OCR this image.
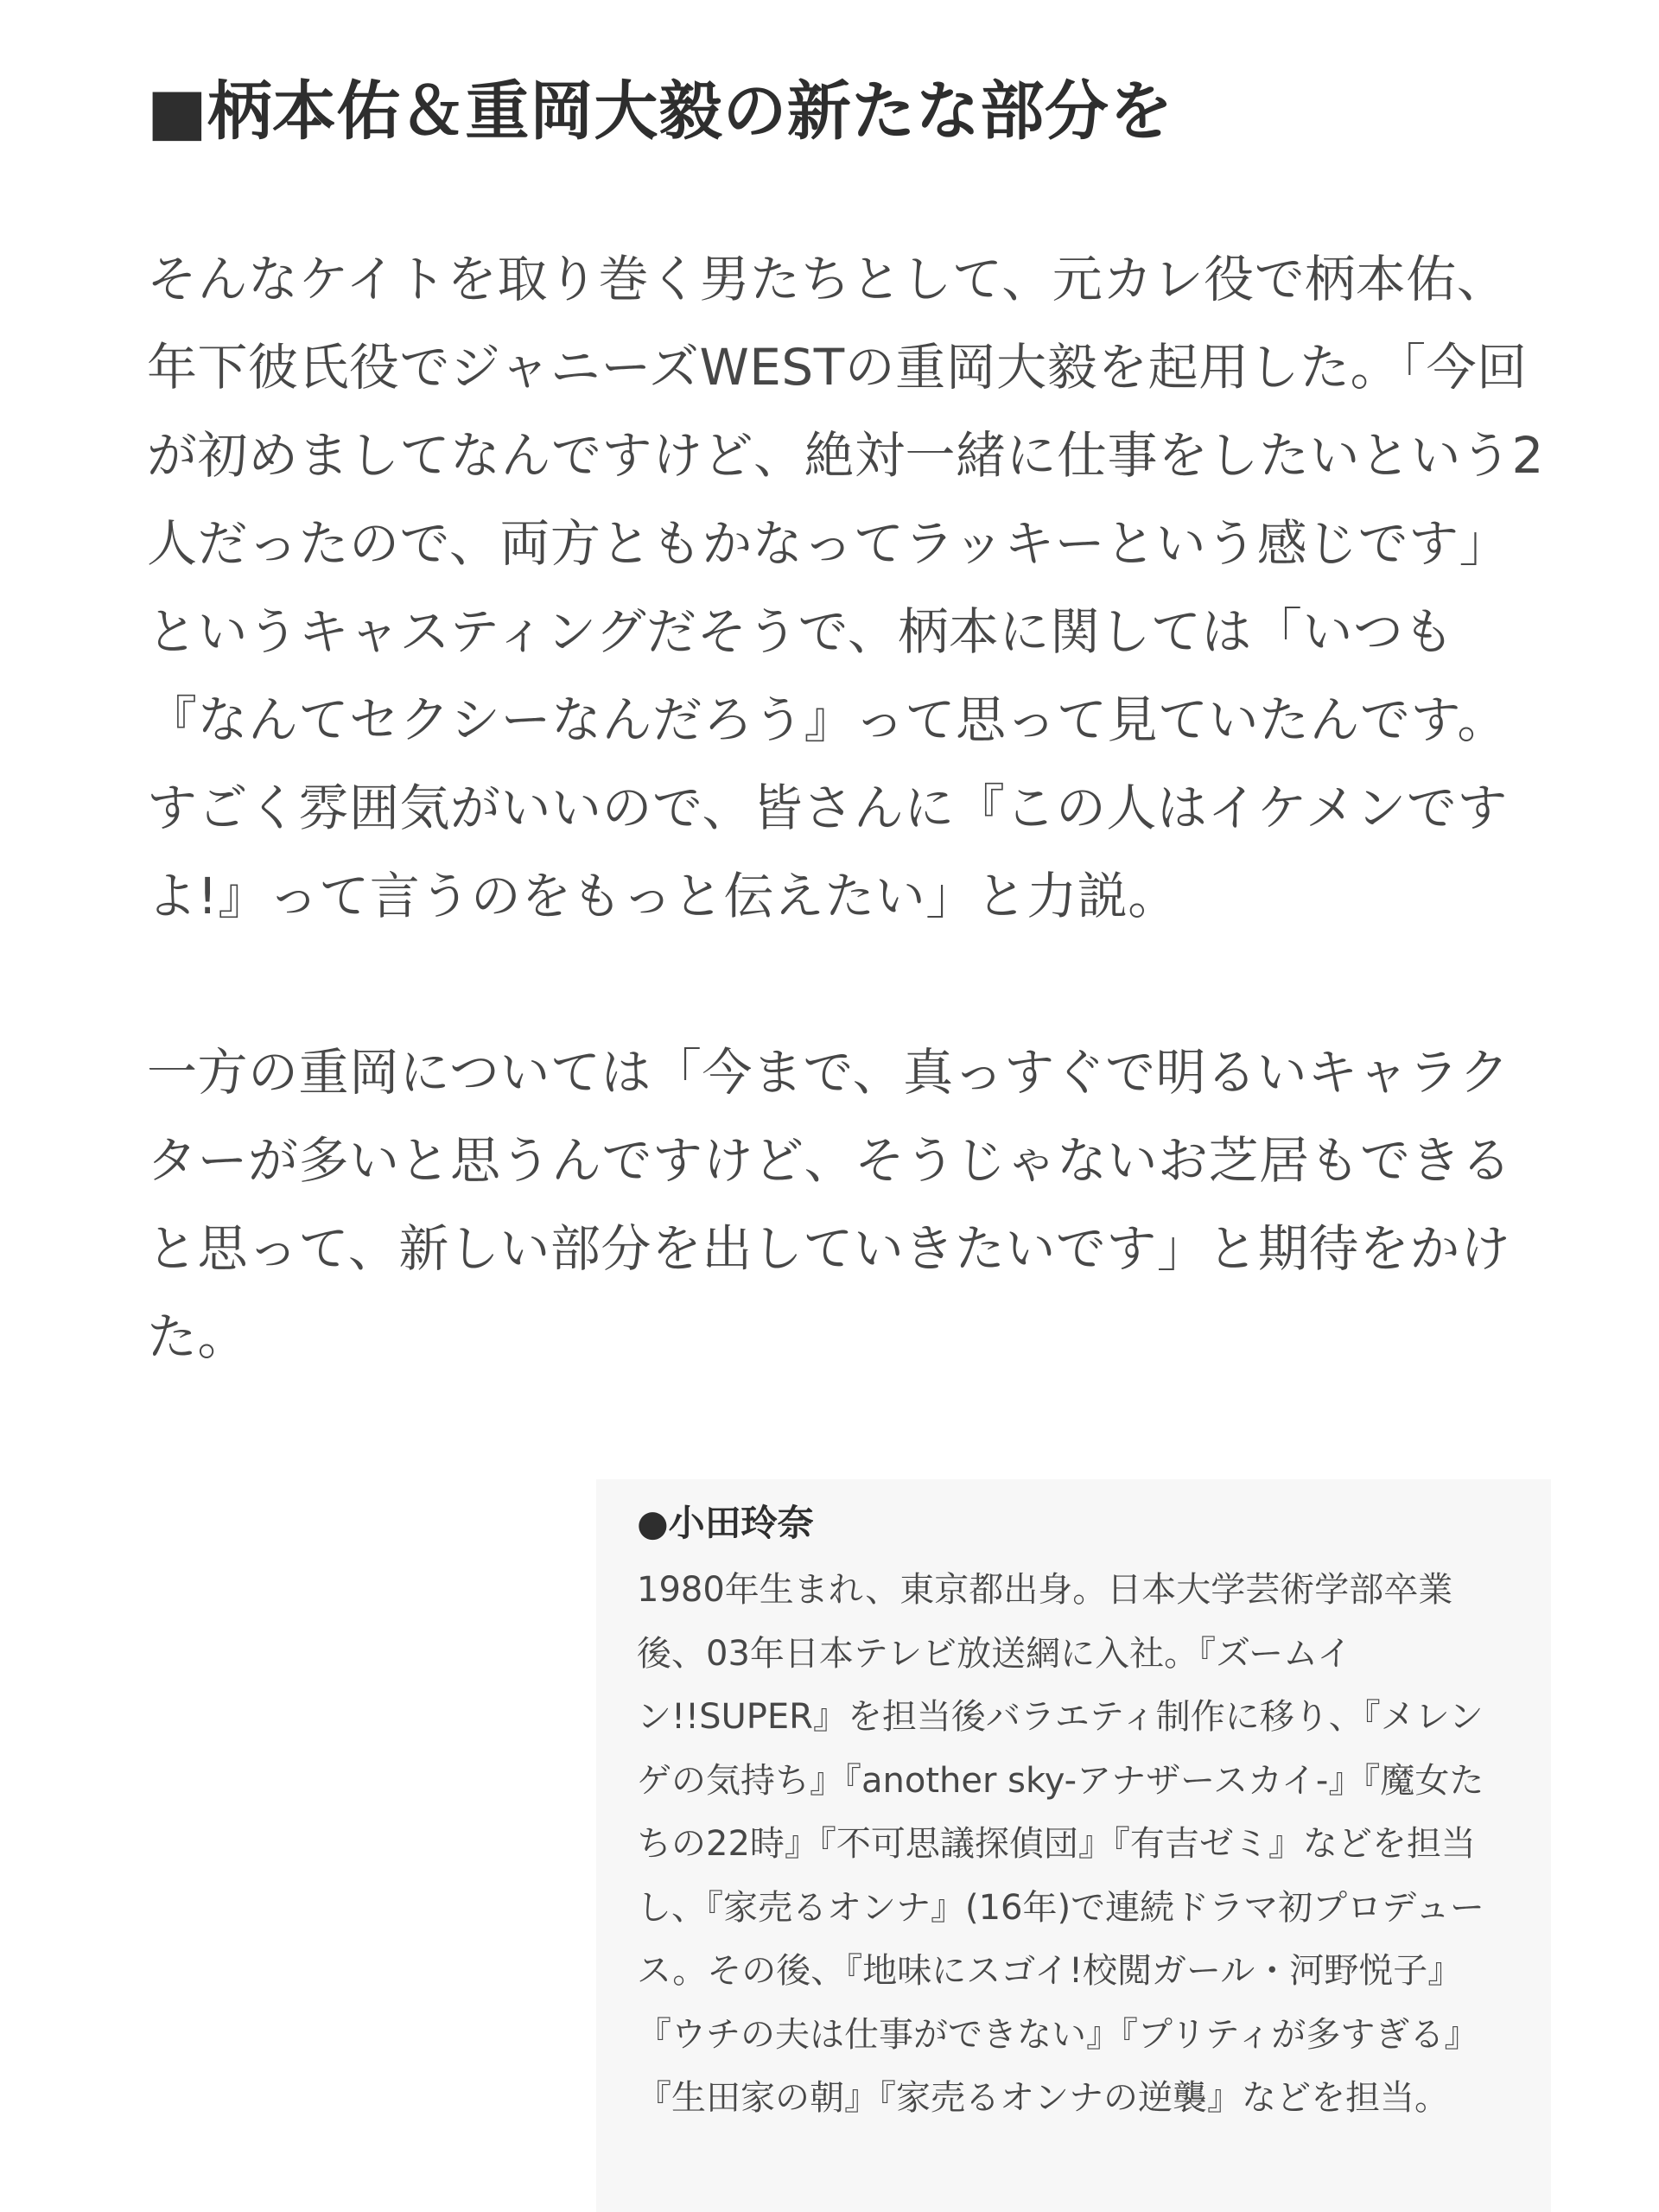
■柄本佑＆重岡大毅の新たな部分を

そんなケイトを取り巻く男たちとして、元カレ役で柄本佑、年下彼氏役でジャニーズWESTの重岡大毅を起用した。「今回が初めましてなんですけど、絶対一緒に仕事をしたいという2人だったので、両方ともかなってラッキーという感じです」というキャスティングだそうで、柄本に関しては「いつも『なんてセクシーなんだろう』って思って見ていたんです。すごく雰囲気がいいので、皆さんに『この人はイケメンですよ!』って言うのをもっと伝えたい」と力説。

一方の重岡については「今まで、真っすぐで明るいキャラクターが多いと思うんですけど、そうじゃないお芝居もできると思って、新しい部分を出していきたいです」と期待をかけた。

●小田玲奈

1980年生まれ、東京都出身。日本大学芸術学部卒業後、03年日本テレビ放送網に入社。『ズームイン!!SUPER』を担当後バラエティ制作に移り、『メレンゲの気持ち』『another sky-アナザースカイ-』『魔女たちの22時』『不可思議探偵団』『有吉ゼミ』などを担当し、『家売るオンナ』(16年)で連続ドラマ初プロデュース。その後、『地味にスゴイ!校閲ガール・河野悦子』『ウチの夫は仕事ができない』『プリティが多すぎる』『生田家の朝』『家売るオンナの逆襲』などを担当。
